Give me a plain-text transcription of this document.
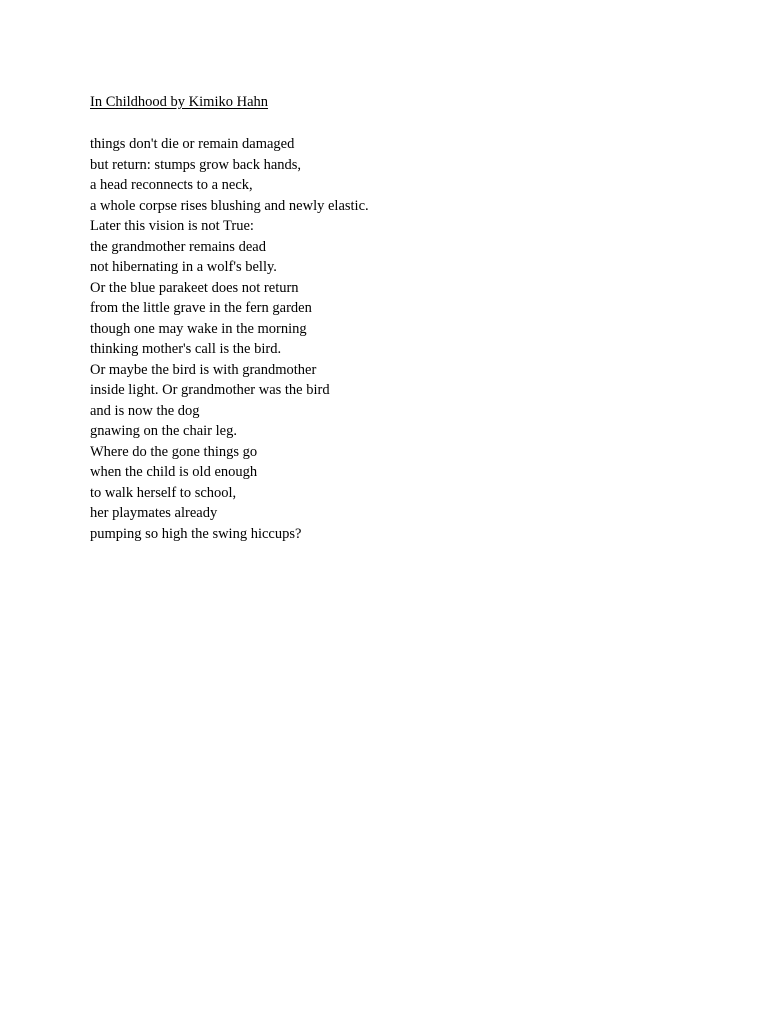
In Childhood by Kimiko Hahn
things don't die or remain damaged
but return: stumps grow back hands,
a head reconnects to a neck,
a whole corpse rises blushing and newly elastic.
Later this vision is not True:
the grandmother remains dead
not hibernating in a wolf's belly.
Or the blue parakeet does not return
from the little grave in the fern garden
though one may wake in the morning
thinking mother's call is the bird.
Or maybe the bird is with grandmother
inside light. Or grandmother was the bird
and is now the dog
gnawing on the chair leg.
Where do the gone things go
when the child is old enough
to walk herself to school,
her playmates already
pumping so high the swing hiccups?
